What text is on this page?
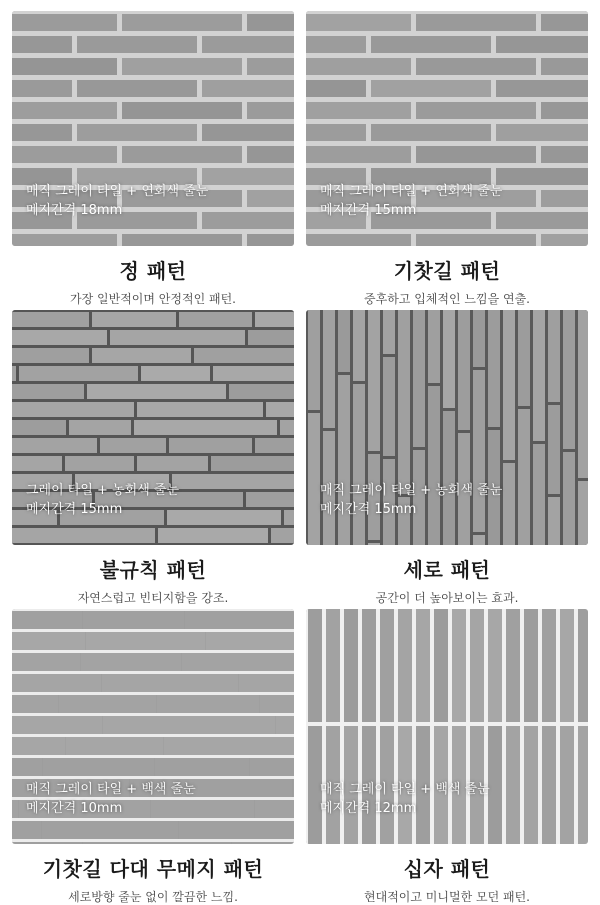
매직 그레이 타일 + 연회색 줄눈
메지간격 18mm
정 패턴
가장 일반적이며 안정적인 패턴.
매직 그레이 타일 + 연회색 줄눈
메지간격 15mm
기찻길 패턴
중후하고 입체적인 느낌을 연출.
그레이 타일 + 농회색 줄눈
메지간격 15mm
불규칙 패턴
자연스럽고 빈티지함을 강조.
매직 그레이 타일 + 농회색 줄눈
메지간격 15mm
세로 패턴
공간이 더 높아보이는 효과.
매직 그레이 타일 + 백색 줄눈
메지간격 10mm
기찻길 다대 무메지 패턴
세로방향 줄눈 없이 깔끔한 느낌.
매직 그레이 타일 + 백색 줄눈
메지간격 12mm
십자 패턴
현대적이고 미니멀한 모던 패턴.
